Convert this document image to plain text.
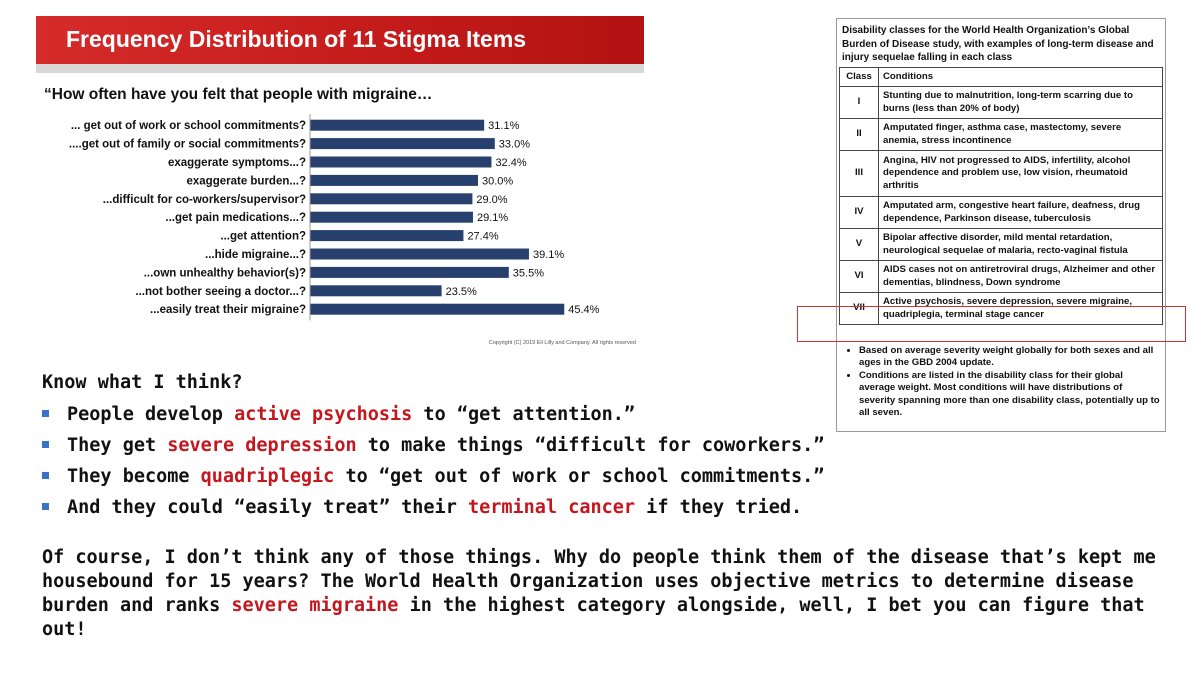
Frequency Distribution of 11 Stigma Items
“How often have you felt that people with migraine…
... get out of work or school commitments?	31.1%
....get out of family or social commitments?	33.0%
exaggerate symptoms...?	32.4%
exaggerate burden...?	30.0%
...difficult for co-workers/supervisor?	29.0%
...get pain medications...?	29.1%
...get attention?	27.4%
...hide migraine...?	39.1%
...own unhealthy behavior(s)?	35.5%
...not bother seeing a doctor...?	23.5%
...easily treat their migraine?	45.4%
Copyright (C) 2019 Eli Lilly and Company. All rights reserved
Disability classes for the World Health Organization’s Global Burden of Disease study, with examples of long-term disease and injury sequelae falling in each class
Class	Conditions
I	Stunting due to malnutrition, long-term scarring due to burns (less than 20% of body)
II	Amputated finger, asthma case, mastectomy, severe anemia, stress incontinence
III	Angina, HIV not progressed to AIDS, infertility, alcohol dependence and problem use, low vision, rheumatoid arthritis
IV	Amputated arm, congestive heart failure, deafness, drug dependence, Parkinson disease, tuberculosis
V	Bipolar affective disorder, mild mental retardation, neurological sequelae of malaria, recto-vaginal fistula
VI	AIDS cases not on antiretroviral drugs, Alzheimer and other dementias, blindness, Down syndrome
VII	Active psychosis, severe depression, severe migraine, quadriplegia, terminal stage cancer
• Based on average severity weight globally for both sexes and all ages in the GBD 2004 update.
• Conditions are listed in the disability class for their global average weight. Most conditions will have distributions of severity spanning more than one disability class, potentially up to all seven.
Know what I think?
People develop active psychosis to “get attention.”
They get severe depression to make things “difficult for coworkers.”
They become quadriplegic to “get out of work or school commitments.”
And they could “easily treat” their terminal cancer if they tried.
Of course, I don’t think any of those things. Why do people think them of the disease that’s kept me housebound for 15 years? The World Health Organization uses objective metrics to determine disease burden and ranks severe migraine in the highest category alongside, well, I bet you can figure that out!
